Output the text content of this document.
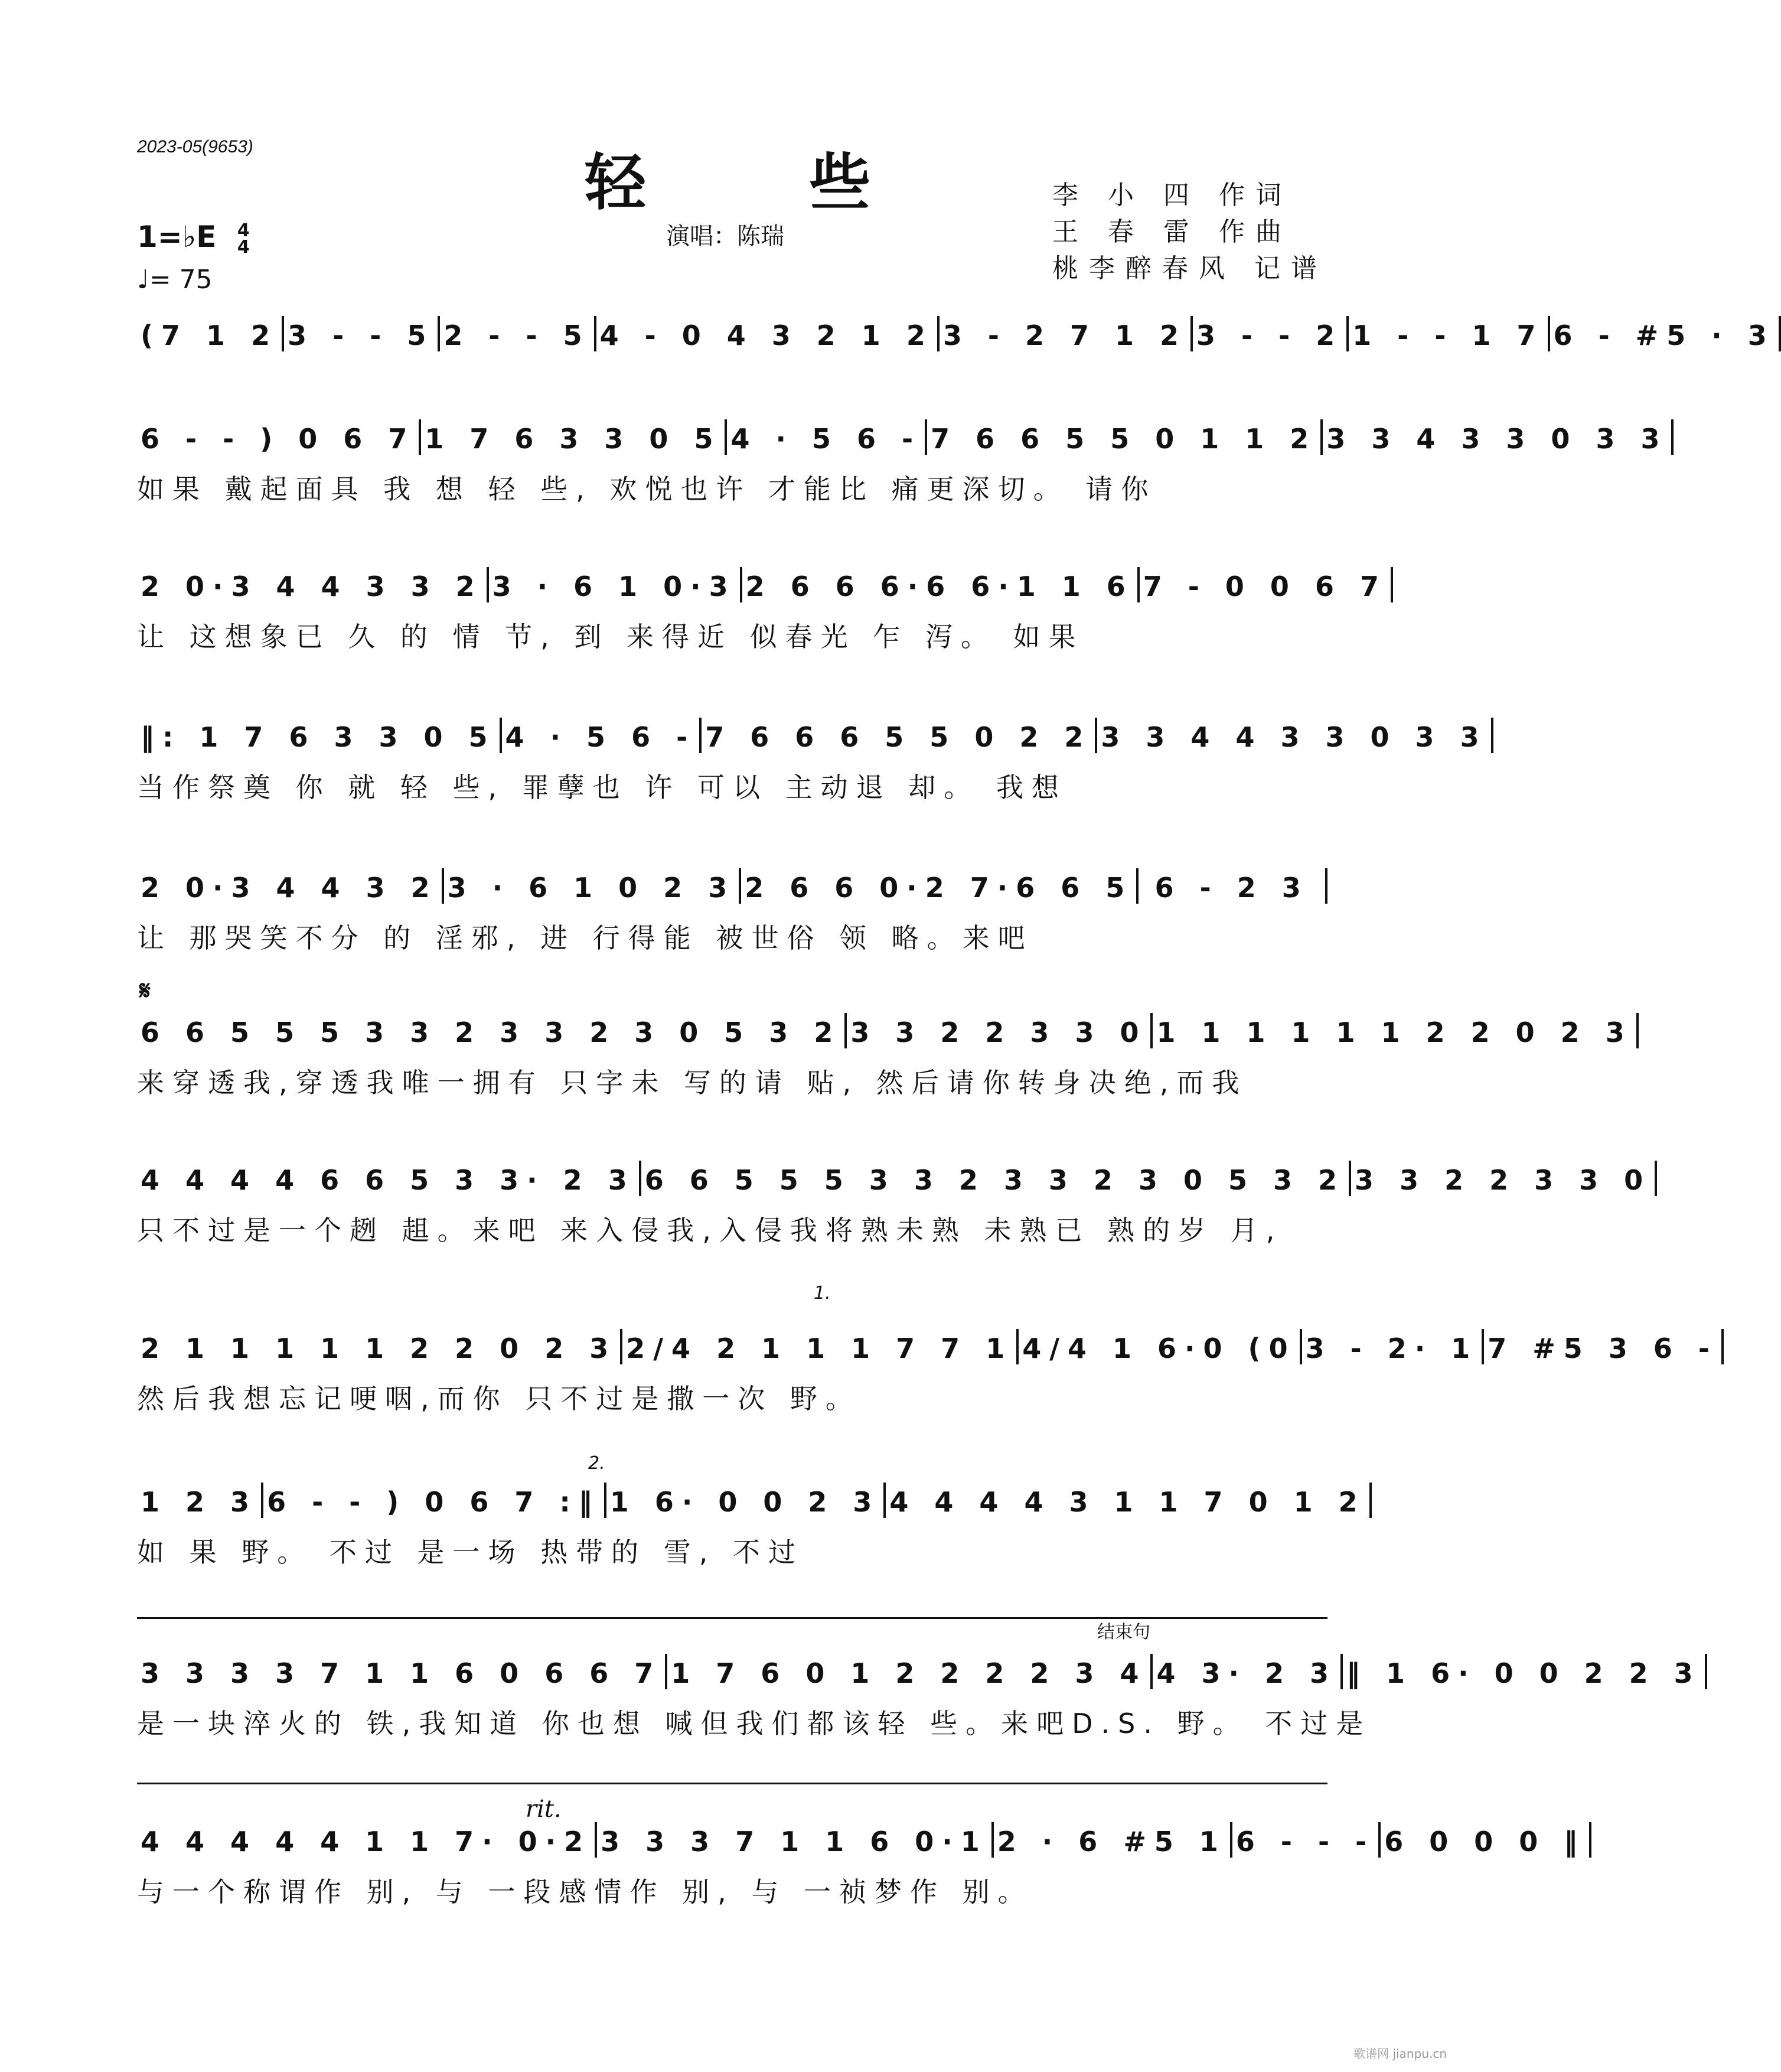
2023-05(9653)	轻 些
演唱：陈瑞
李 小 四 作词
王 春 雷 作曲
桃李醉春风 记谱
1=♭E 4
4
♩= 75
(7 1 2 3 - - 5 2 - - 5 4 - 0 4 3 2 1 2 3 - 2 7 1 2 3 - - 2 1 - - 1 7 6 - #5 · 3
6 - - ) 0 6 7 1 7 6 3 3 0 5 4 · 5 6 - 7 6 6 5 5 0 1 1 2 3 3 4 3 3 0 3 3
如果 戴起面具 我 想 轻 些, 欢悦也许 才能比 痛更深切。 请你
2 0·3 4 4 3 3 2 3 · 6 1 0·3 2 6 6 6·6 6·1 1 6 7 - 0 0 6 7
让 这想象已 久 的 情 节, 到 来得近 似春光 乍 泻。 如果
‖: 1 7 6 3 3 0 5 4 · 5 6 - 7 6 6 6 5 5 0 2 2 3 3 4 4 3 3 0 3 3
当作祭奠 你 就 轻 些, 罪孽也 许 可以 主动退 却。 我想
2 0·3 4 4 3 2 3 · 6 1 0 2 3 2 6 6 0·2 7·6 6 5 6 - 2 3
让 那哭笑不分 的 淫邪, 进 行得能 被世俗 领 略。来吧
6 6 5 5 5 3 3 2 3 3 2 3 0 5 3 2 3 3 2 2 3 3 0 1 1 1 1 1 1 2 2 0 2 3
来穿透我,穿透我唯一拥有 只字未 写的请 贴, 然后请你转身决绝,而我
4 4 4 4 6 6 5 3 3· 2 3 6 6 5 5 5 3 3 2 3 3 2 3 0 5 3 2 3 3 2 2 3 3 0
只不过是一个趔 趄。来吧 来入侵我,入侵我将熟未熟 未熟已 熟的岁 月,
2 1 1 1 1 1 2 2 0 2 3 2/4 2 1 1 1 7 7 1 4/4 1 6·0 (0 3 - 2· 1 7 #5 3 6 -
然后我想忘记哽咽,而你 只不过是撒一次 野。
1 2 3 6 - - ) 0 6 7 :‖ 1 6· 0 0 2 3 4 4 4 4 3 1 1 7 0 1 2
如 果 野。 不过 是一场 热带的 雪, 不过
3 3 3 3 7 1 1 6 0 6 6 7 1 7 6 0 1 2 2 2 2 3 4 4 3· 2 3 ‖ 1 6· 0 0 2 2 3
是一块淬火的 铁,我知道 你也想 喊但我们都该轻 些。来吧D.S. 野。 不过是
4 4 4 4 4 1 1 7· 0·2 3 3 3 7 1 1 6 0·1 2 · 6 #5 1 6 - - - 6 0 0 0 ‖
与一个称谓作 别, 与 一段感情作 别, 与 一祯梦作 别。
𝄋
1.
2.
结束句
rit.
歌谱网 jianpu.cn
